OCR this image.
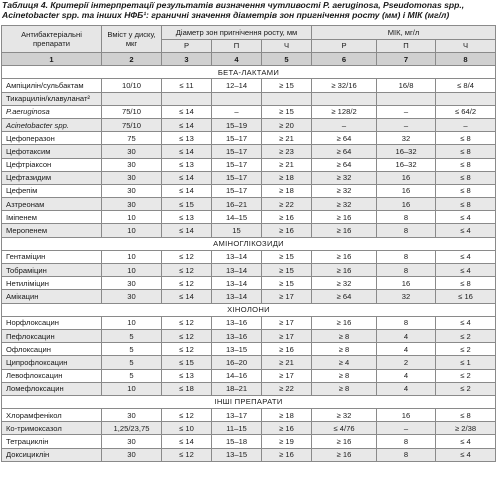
Таблиця 4. Критерії інтерпретації результатів визначення чутливості P. aeruginosa, Pseudomonas spp., Acinetobacter spp. та інших НФБ¹: граничні значення діаметрів зон пригнічення росту (мм) і МІК (мг/л)
Антибактеріальні препарати	Вміст у диску, мкг	Діаметр зон пригнічення росту, мм			МІК, мг/л		
		Р	П	Ч	Р	П	Ч
1	2	3	4	5	6	7	8
БЕТА-ЛАКТАМИ							
Ампіцилін/сульбактам	10/10	≤ 11	12–14	≥ 15	≥ 32/16	16/8	≤ 8/4
Тикарцилін/клавуланат²							
P.aeruginosa	75/10	≤ 14	–	≥ 15	≥ 128/2	–	≤ 64/2
Acinetobacter spp.	75/10	≤ 14	15–19	≥ 20	–	–	–
Цефоперазон	75	≤ 13	15–17	≥ 21	≥ 64	32	≤ 8
Цефотаксим	30	≤ 14	15–17	≥ 23	≥ 64	16–32	≤ 8
Цефтріаксон	30	≤ 13	15–17	≥ 21	≥ 64	16–32	≤ 8
Цефтазидим	30	≤ 14	15–17	≥ 18	≥ 32	16	≤ 8
Цефепім	30	≤ 14	15–17	≥ 18	≥ 32	16	≤ 8
Азтреонам	30	≤ 15	16–21	≥ 22	≥ 32	16	≤ 8
Іміпенем	10	≤ 13	14–15	≥ 16	≥ 16	8	≤ 4
Меропенем	10	≤ 14	15	≥ 16	≥ 16	8	≤ 4
АМІНОГЛІКОЗИДИ							
Гентаміцин	10	≤ 12	13–14	≥ 15	≥ 16	8	≤ 4
Тобраміцин	10	≤ 12	13–14	≥ 15	≥ 16	8	≤ 4
Нетиліміцин	30	≤ 12	13–14	≥ 15	≥ 32	16	≤ 8
Амікацин	30	≤ 14	13–14	≥ 17	≥ 64	32	≤ 16
ХІНОЛОНИ							
Норфлоксацин	10	≤ 12	13–16	≥ 17	≥ 16	8	≤ 4
Пефлоксацин	5	≤ 12	13–16	≥ 17	≥ 8	4	≤ 2
Офлоксацин	5	≤ 12	13–15	≥ 16	≥ 8	4	≤ 2
Ципрофлоксацин	5	≤ 15	16–20	≥ 21	≥ 4	2	≤ 1
Левофлоксацин	5	≤ 13	14–16	≥ 17	≥ 8	4	≤ 2
Ломефлоксацин	10	≤ 18	18–21	≥ 22	≥ 8	4	≤ 2
ІНШІ ПРЕПАРАТИ							
Хлорамфенікол	30	≤ 12	13–17	≥ 18	≥ 32	16	≤ 8
Ко-тримоксазол	1,25/23,75	≤ 10	11–15	≥ 16	≤ 4/76	–	≥ 2/38
Тетрациклін	30	≤ 14	15–18	≥ 19	≥ 16	8	≤ 4
Доксициклін	30	≤ 12	13–15	≥ 16	≥ 16	8	≤ 4
